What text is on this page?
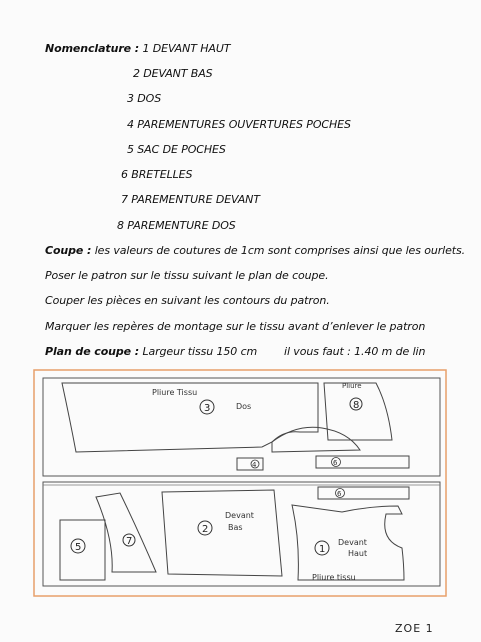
Nomenclature : 1 DEVANT HAUT
2 DEVANT BAS
3 DOS
4 PAREMENTURES OUVERTURES POCHES
5 SAC DE POCHES
6 BRETELLES
7 PAREMENTURE DEVANT
8 PAREMENTURE DOS
Coupe : les valeurs de coutures de 1cm sont comprises ainsi que les ourlets.
Poser le patron sur le tissu suivant le plan de coupe.
Couper les pièces en suivant les contours du patron.
Marquer les repères de montage sur le tissu avant d’enlever le patron
Plan de coupe : Largeur tissu 150 cm il vous faut : 1.40 m de lin
Pliure Tissu
3	Dos
Pliure
8
4	6
6
5
7
2
Devant
Bas
1
Devant
Haut
Pliure tissu
ZOE 1
